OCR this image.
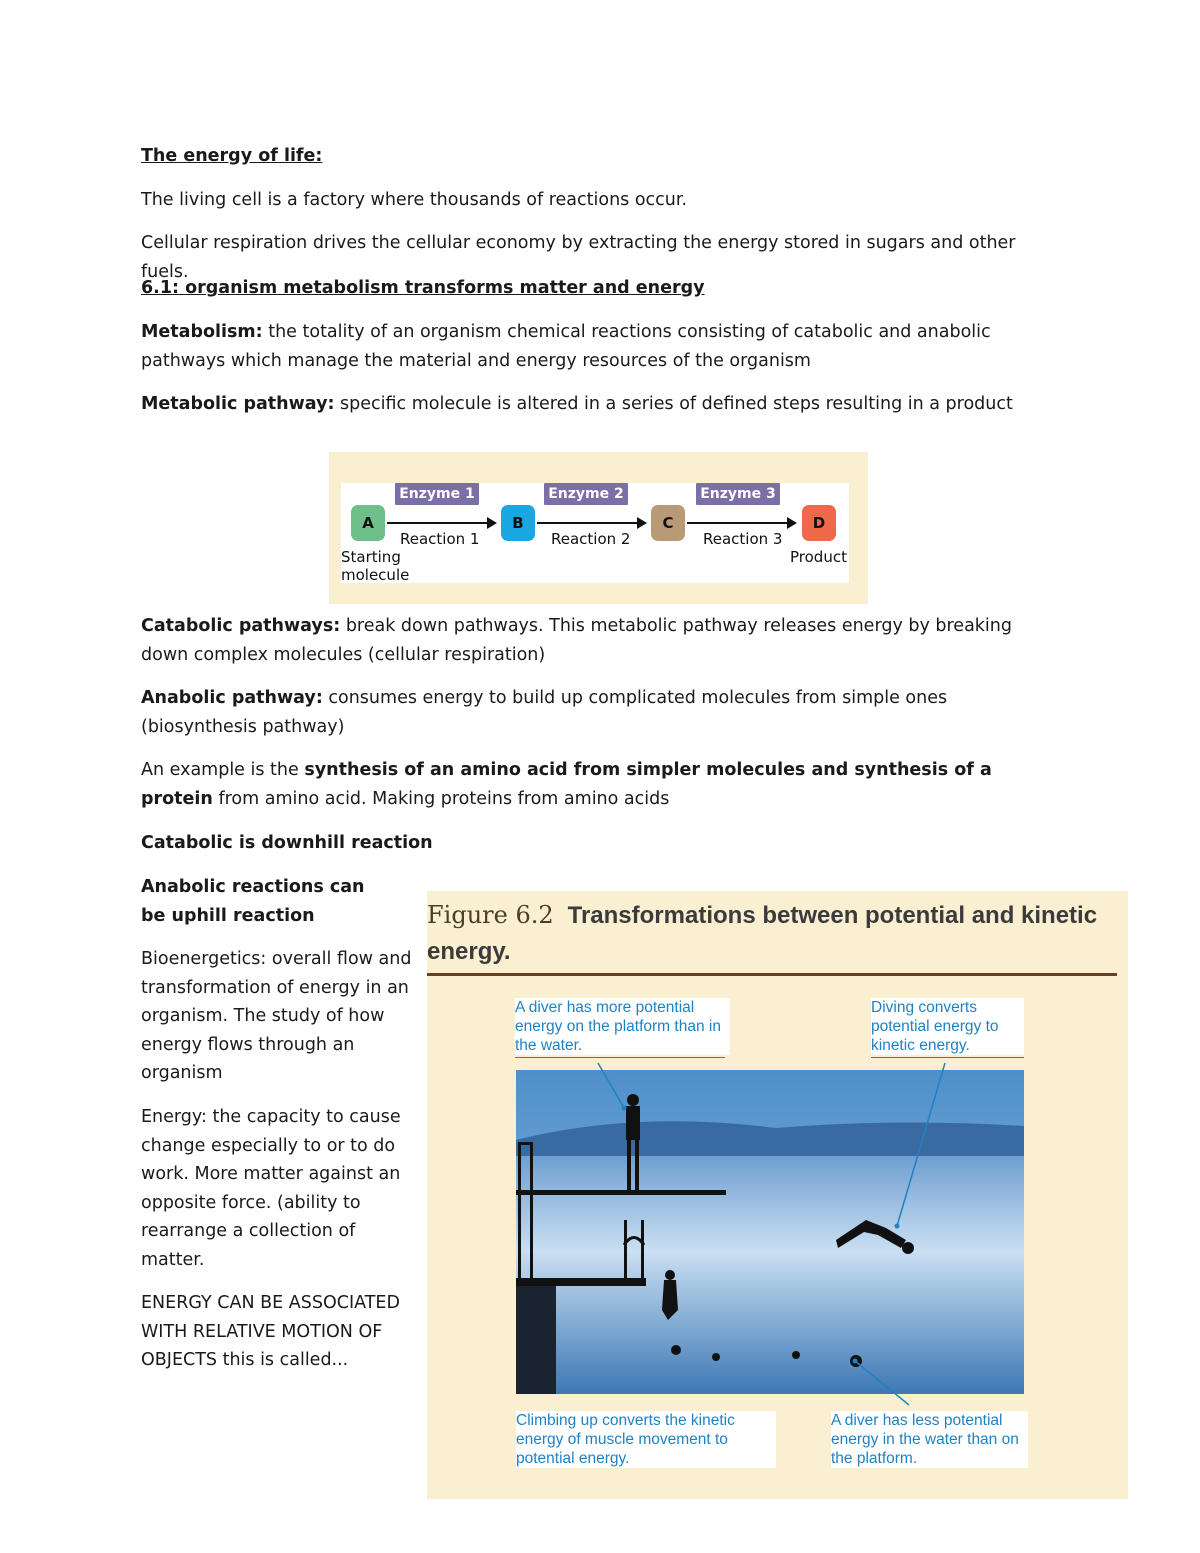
The energy of life:

The living cell is a factory where thousands of reactions occur.

Cellular respiration drives the cellular economy by extracting the energy stored in sugars and other fuels.

6.1: organism metabolism transforms matter and energy

Metabolism: the totality of an organism chemical reactions consisting of catabolic and anabolic pathways which manage the material and energy resources of the organism

Metabolic pathway: specific molecule is altered in a series of defined steps resulting in a product

Enzyme 1	Enzyme 2	Enzyme 3
A	B	C	D
Reaction 1	Reaction 2	Reaction 3
Starting molecule
Product

Catabolic pathways: break down pathways. This metabolic pathway releases energy by breaking down complex molecules (cellular respiration)

Anabolic pathway: consumes energy to build up complicated molecules from simple ones (biosynthesis pathway)

An example is the synthesis of an amino acid from simpler molecules and synthesis of a protein from amino acid. Making proteins from amino acids

Catabolic is downhill reaction

Anabolic reactions can be uphill reaction

Bioenergetics: overall flow and transformation of energy in an organism. The study of how energy flows through an organism

Energy: the capacity to cause change especially to or to do work. More matter against an opposite force. (ability to rearrange a collection of matter.

ENERGY CAN BE ASSOCIATED WITH RELATIVE MOTION OF OBJECTS this is called...

Figure 6.2 Transformations between potential and kinetic energy.
A diver has more potential energy on the platform than in the water.
Diving converts potential energy to kinetic energy.
Climbing up converts the kinetic energy of muscle movement to potential energy.
A diver has less potential energy in the water than on the platform.
